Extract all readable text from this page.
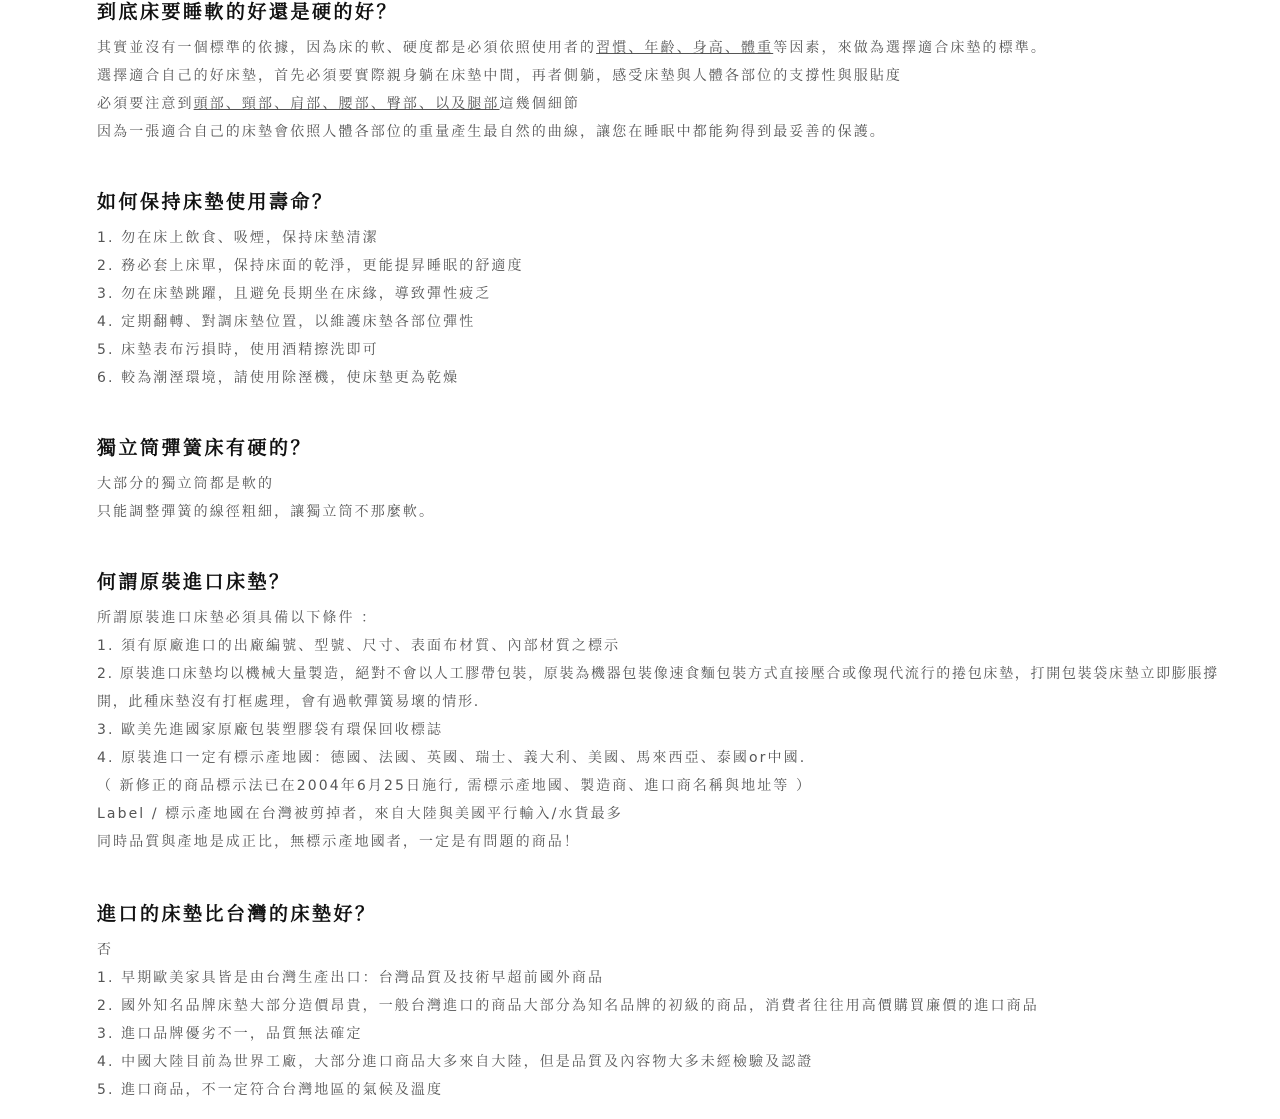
到底床要睡軟的好還是硬的好？
其實並沒有一個標準的依據，因為床的軟、硬度都是必須依照使用者的習慣、年齡、身高、體重等因素，來做為選擇適合床墊的標準。
選擇適合自己的好床墊，首先必須要實際親身躺在床墊中間，再者側躺，感受床墊與人體各部位的支撐性與服貼度
必須要注意到頭部、頸部、肩部、腰部、臀部、以及腿部這幾個細節
因為一張適合自己的床墊會依照人體各部位的重量產生最自然的曲線，讓您在睡眠中都能夠得到最妥善的保護。
如何保持床墊使用壽命？
1. 勿在床上飲食、吸煙，保持床墊清潔
2. 務必套上床單，保持床面的乾淨，更能提昇睡眠的舒適度
3. 勿在床墊跳躍，且避免長期坐在床緣，導致彈性疲乏
4. 定期翻轉、對調床墊位置，以維護床墊各部位彈性
5. 床墊表布污損時，使用酒精擦洗即可
6. 較為潮溼環境，請使用除溼機，使床墊更為乾燥
獨立筒彈簧床有硬的？
大部分的獨立筒都是軟的
只能調整彈簧的線徑粗細，讓獨立筒不那麼軟。
何謂原裝進口床墊？
所謂原裝進口床墊必須具備以下條件 ：
1. 須有原廠進口的出廠編號、型號、尺寸、表面布材質、內部材質之標示
2. 原裝進口床墊均以機械大量製造，絕對不會以人工膠帶包裝，原裝為機器包裝像速食麵包裝方式直接壓合或像現代流行的捲包床墊，打開包裝袋床墊立即膨脹撐開，此種床墊沒有打框處理，會有過軟彈簧易壞的情形.
3. 歐美先進國家原廠包裝塑膠袋有環保回收標誌
4. 原裝進口一定有標示產地國：德國、法國、英國、瑞士、義大利、美國、馬來西亞、泰國or中國.
（ 新修正的商品標示法已在2004年6月25日施行, 需標示產地國、製造商、進口商名稱與地址等 ）
Label / 標示產地國在台灣被剪掉者，來自大陸與美國平行輸入/水貨最多
同時品質與產地是成正比，無標示產地國者，一定是有問題的商品！
進口的床墊比台灣的床墊好？
否
1. 早期歐美家具皆是由台灣生產出口：台灣品質及技術早超前國外商品
2. 國外知名品牌床墊大部分造價昂貴，一般台灣進口的商品大部分為知名品牌的初級的商品，消費者往往用高價購買廉價的進口商品
3. 進口品牌優劣不一，品質無法確定
4. 中國大陸目前為世界工廠，大部分進口商品大多來自大陸，但是品質及內容物大多未經檢驗及認證
5. 進口商品，不一定符合台灣地區的氣候及溫度
